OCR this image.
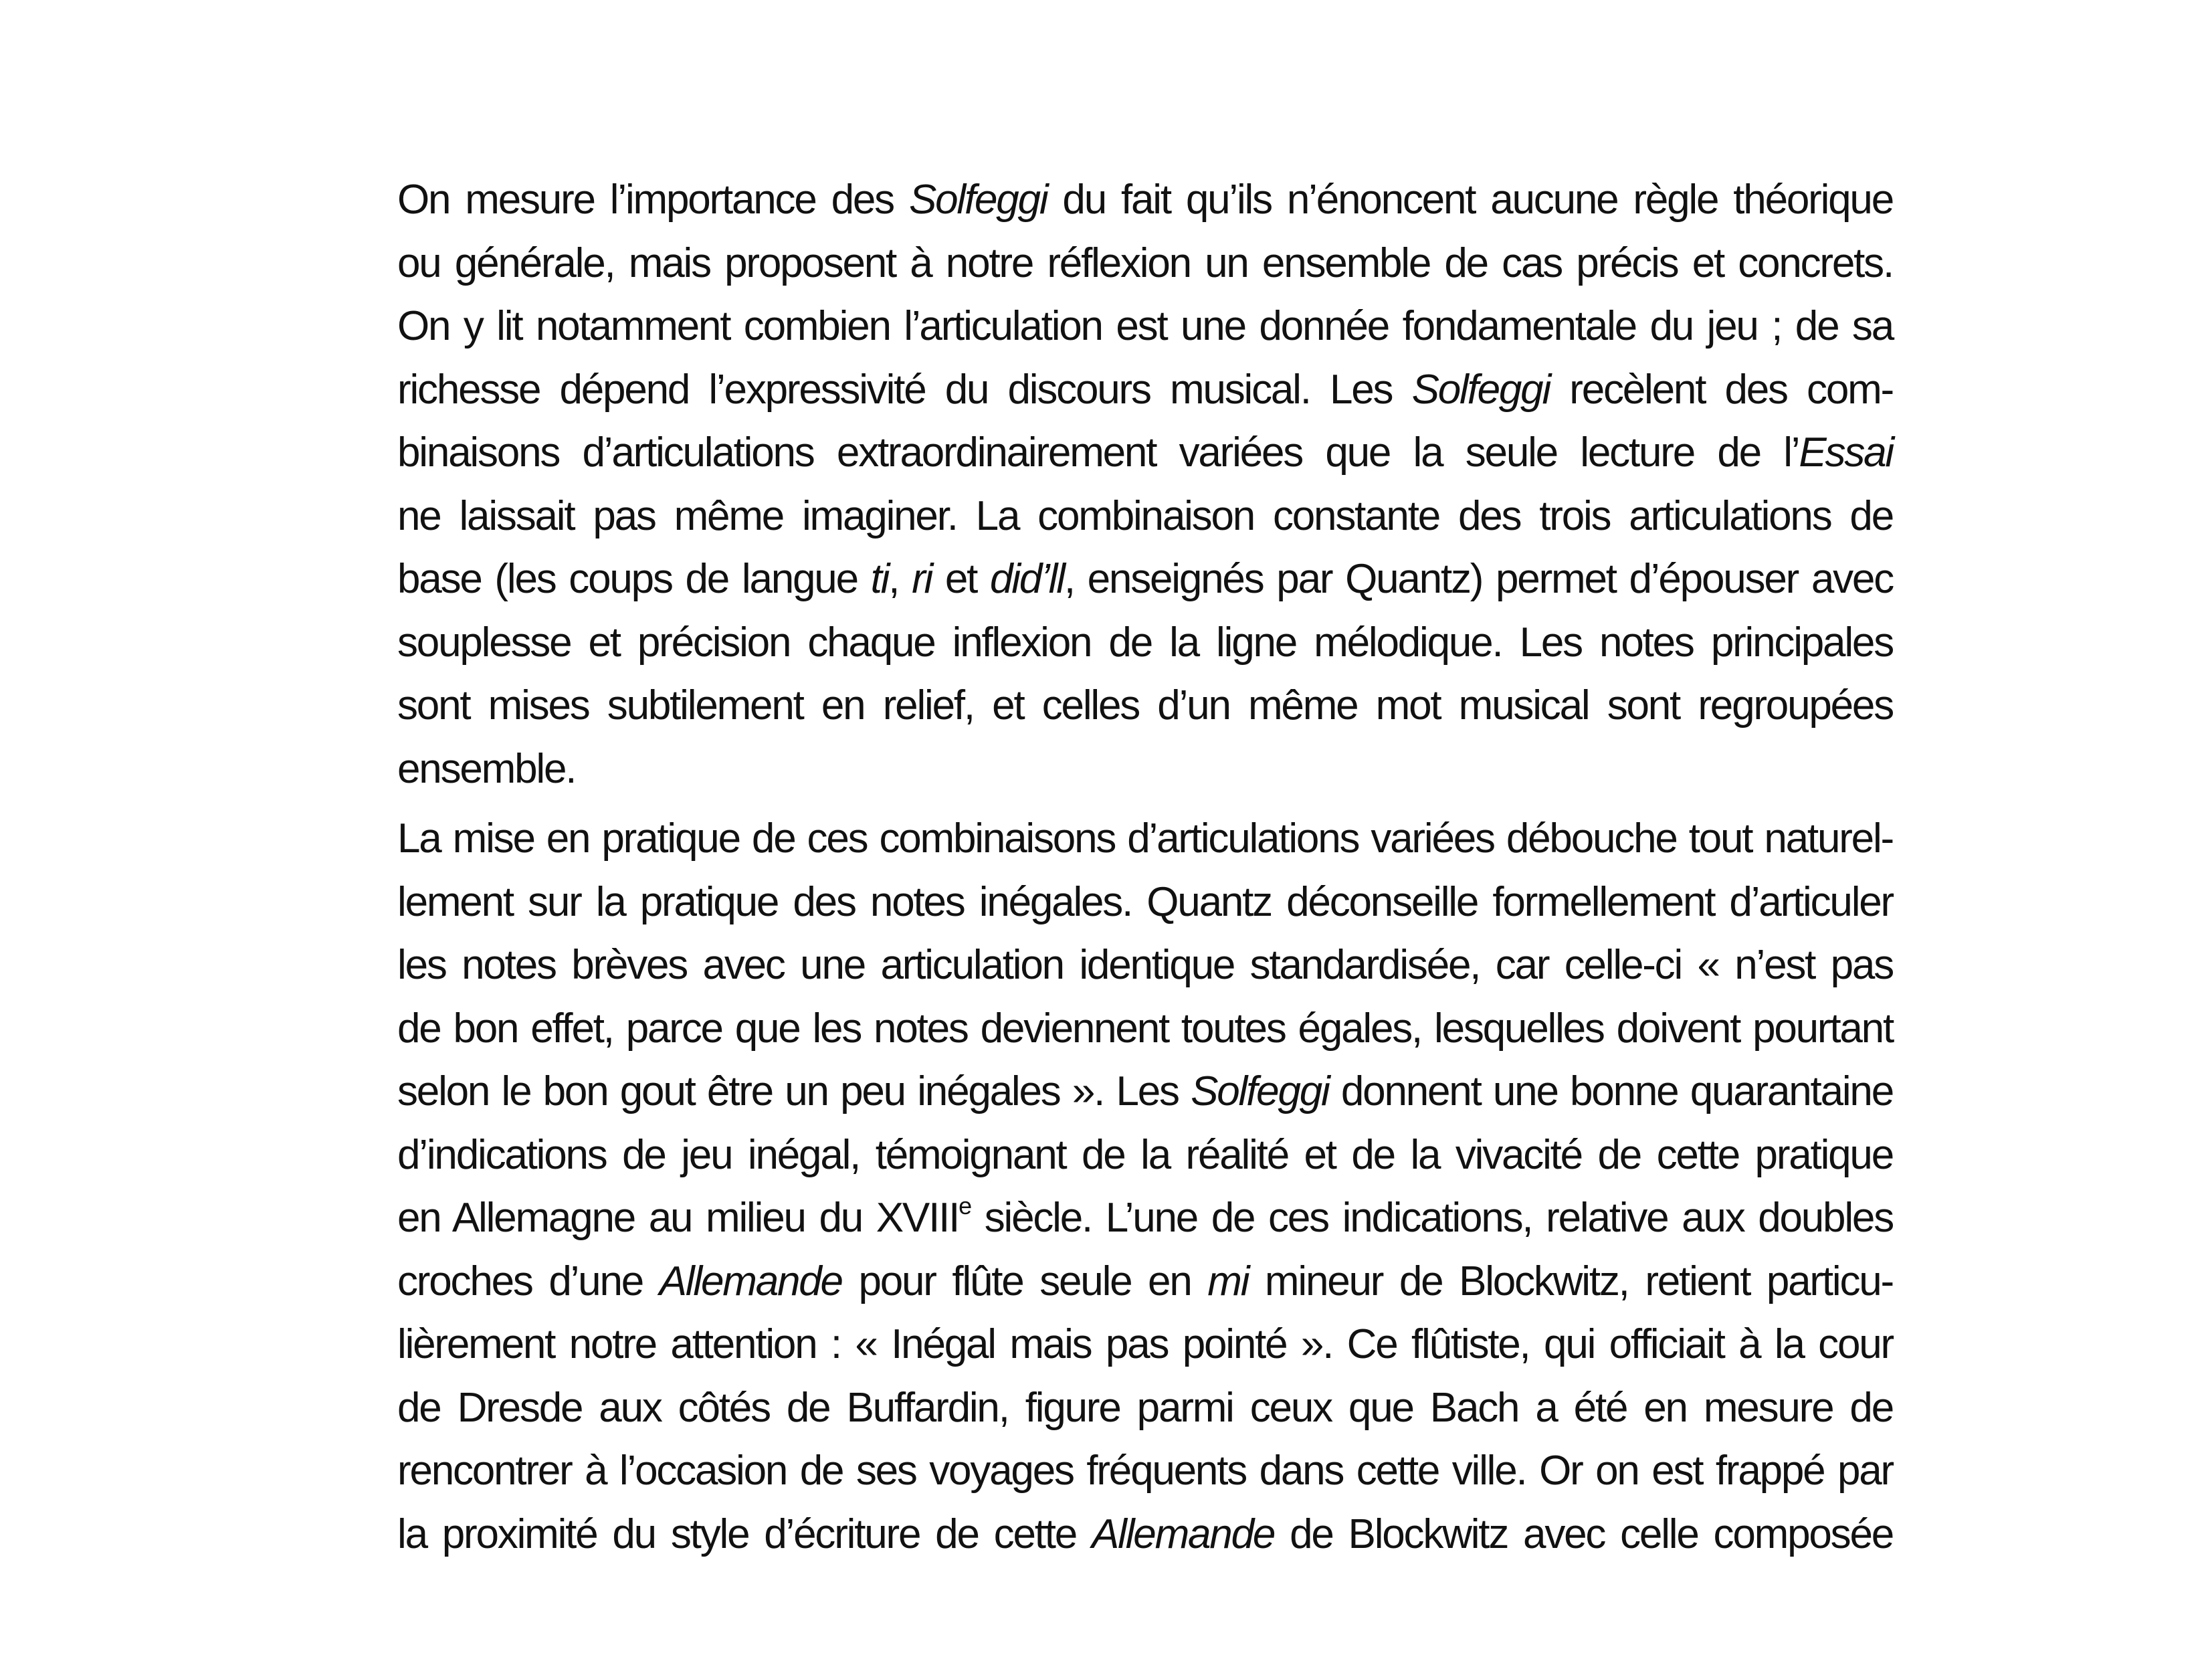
On mesure l’importance des Solfeggi du fait qu’ils n’énoncent aucune règle théorique
ou générale, mais proposent à notre réflexion un ensemble de cas précis et concrets.
On y lit notamment combien l’articulation est une donnée fondamentale du jeu ; de sa
richesse dépend l’expressivité du discours musical. Les Solfeggi recèlent des com-
binaisons d’articulations extraordinairement variées que la seule lecture de l’Essai
ne laissait pas même imaginer. La combinaison constante des trois articulations de
base (les coups de langue ti, ri et did’ll, enseignés par Quantz) permet d’épouser avec
souplesse et précision chaque inflexion de la ligne mélodique. Les notes principales
sont mises subtilement en relief, et celles d’un même mot musical sont regroupées
ensemble.
La mise en pratique de ces combinaisons d’articulations variées débouche tout naturel-
lement sur la pratique des notes inégales. Quantz déconseille formellement d’articuler
les notes brèves avec une articulation identique standardisée, car celle-ci « n’est pas
de bon effet, parce que les notes deviennent toutes égales, lesquelles doivent pourtant
selon le bon gout être un peu inégales ». Les Solfeggi donnent une bonne quarantaine
d’indications de jeu inégal, témoignant de la réalité et de la vivacité de cette pratique
en Allemagne au milieu du XVIIIe siècle. L’une de ces indications, relative aux doubles
croches d’une Allemande pour flûte seule en mi mineur de Blockwitz, retient particu-
lièrement notre attention : « Inégal mais pas pointé ». Ce flûtiste, qui officiait à la cour
de Dresde aux côtés de Buffardin, figure parmi ceux que Bach a été en mesure de
rencontrer à l’occasion de ses voyages fréquents dans cette ville. Or on est frappé par
la proximité du style d’écriture de cette Allemande de Blockwitz avec celle composée
